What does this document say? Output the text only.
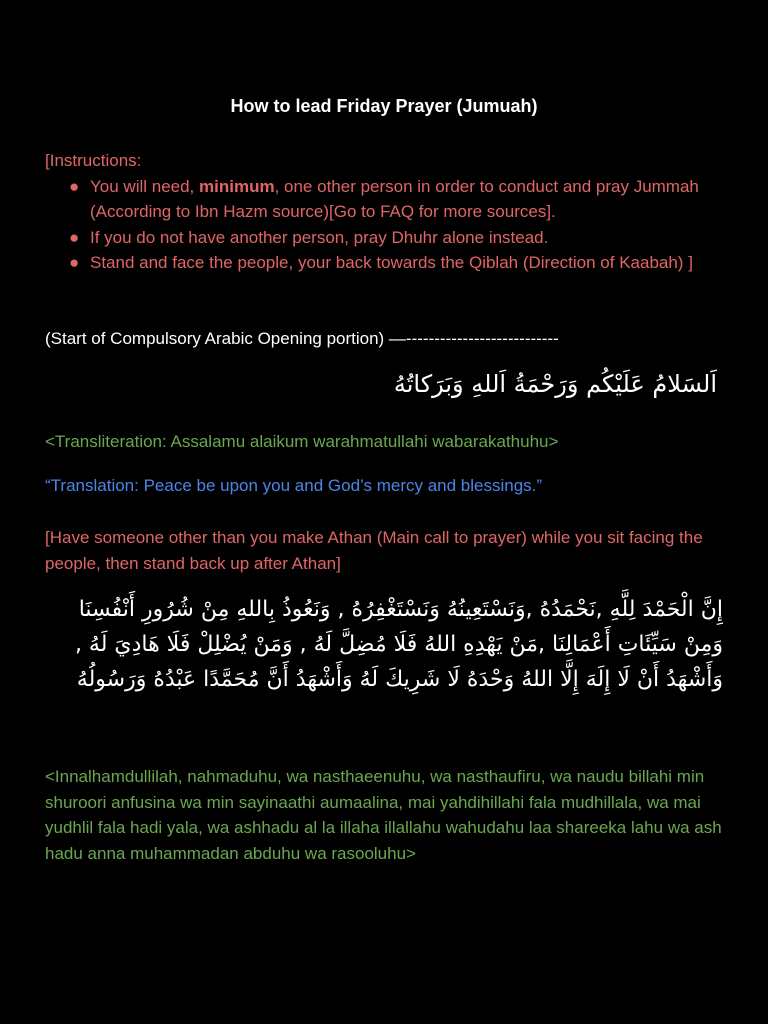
How to lead Friday Prayer (Jumuah)
[Instructions:
● You will need, minimum, one other person in order to conduct and pray Jummah (According to Ibn Hazm source)[Go to FAQ for more sources].
● If you do not have another person, pray Dhuhr alone instead.
● Stand and face the people, your back towards the Qiblah (Direction of Kaabah) ]
(Start of Compulsory Arabic Opening portion) —---------------------------
اَلسَلامُ عَلَيْكُم وَرَحْمَةُ اَللهِ وَبَرَكاتُهُ
<Transliteration: Assalamu alaikum warahmatullahi wabarakathuhu>
“Translation: Peace be upon you and God’s mercy and blessings.”
[Have someone other than you make Athan (Main call to prayer) while you sit facing the people, then stand back up after Athan]
إِنَّ الْحَمْدَ لِلَّهِ ,نَحْمَدُهُ ,وَنَسْتَعِينُهُ وَنَسْتَغْفِرُهُ , وَنَعُوذُ بِاللهِ مِنْ شُرُورِ أَنْفُسِنَا وَمِنْ سَيِّئَاتِ أَعْمَالِنَا ,مَنْ يَهْدِهِ اللهُ فَلَا مُضِلَّ لَهُ , وَمَنْ يُضْلِلْ فَلَا هَادِيَ لَهُ , وَأَشْهَدُ أَنْ لَا إِلَهَ إِلَّا اللهُ وَحْدَهُ لَا شَرِيكَ لَهُ وَأَشْهَدُ أَنَّ مُحَمَّدًا عَبْدُهُ وَرَسُولُهُ
<Innalhamdullilah, nahmaduhu, wa nasthaeenuhu, wa nasthaufiru, wa naudu billahi min shuroori anfusina wa min sayinaathi aumaalina, mai yahdihillahi fala mudhillala, wa mai yudhlil fala hadi yala, wa ashhadu al la illaha illallahu wahudahu laa shareeka lahu wa ash hadu anna muhammadan abduhu wa rasooluhu>
